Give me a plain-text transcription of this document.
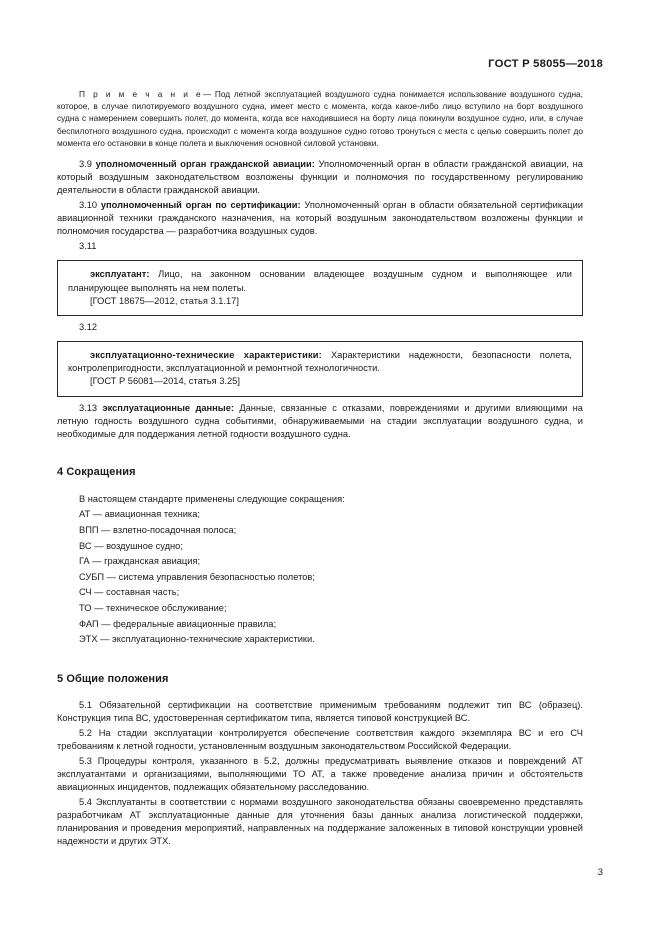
ГОСТ Р 58055—2018

П р и м е ч а н и е— Под летной эксплуатацией воздушного судна понимается использование воздушного судна, которое, в случае пилотируемого воздушного судна, имеет место с момента, когда какое-либо лицо вступило на борт воздушного судна с намерением совершить полет, до момента, когда все находившиеся на борту лица покинули воздушное судно, или, в случае беспилотного воздушного судна, происходит с момента когда воздушное судно готово тронуться с места с целью совершить полет до момента его остановки в конце полета и выключения основной силовой установки.

3.9 уполномоченный орган гражданской авиации: Уполномоченный орган в области гражданской авиации, на который воздушным законодательством возложены функции и полномочия по государственному регулированию деятельности в области гражданской авиации.

3.10 уполномоченный орган по сертификации: Уполномоченный орган в области обязательной сертификации авиационной техники гражданского назначения, на который воздушным законодательством возложены функции и полномочия государства — разработчика воздушных судов.

3.11

эксплуатант: Лицо, на законном основании владеющее воздушным судном и выполняющее или планирующее выполнять на нем полеты.

[ГОСТ 18675—2012, статья 3.1.17]

3.12

эксплуатационно-технические характеристики: Характеристики надежности, безопасности полета, контролепригодности, эксплуатационной и ремонтной технологичности.

[ГОСТ Р 56081—2014, статья 3.25]

3.13 эксплуатационные данные: Данные, связанные с отказами, повреждениями и другими влияющими на летную годность воздушного судна событиями, обнаруживаемыми на стадии эксплуатации воздушного судна, и необходимые для поддержания летной годности воздушного судна.

4 Сокращения

В настоящем стандарте применены следующие сокращения:

АТ — авиационная техника;

ВПП — взлетно-посадочная полоса;

ВС — воздушное судно;

ГА — гражданская авиация;

СУБП — система управления безопасностью полетов;

СЧ — составная часть;

ТО — техническое обслуживание;

ФАП — федеральные авиационные правила;

ЭТХ — эксплуатационно-технические характеристики.

5 Общие положения

5.1 Обязательной сертификации на соответствие применимым требованиям подлежит тип ВС (образец). Конструкция типа ВС, удостоверенная сертификатом типа, является типовой конструкцией ВС.

5.2 На стадии эксплуатации контролируется обеспечение соответствия каждого экземпляра ВС и его СЧ требованиям к летной годности, установленным воздушным законодательством Российской Федерации.

5.3 Процедуры контроля, указанного в 5.2, должны предусматривать выявление отказов и повреждений АТ эксплуатантами и организациями, выполняющими ТО АТ, а также проведение анализа причин и обстоятельств авиационных инцидентов, подлежащих обязательному расследованию.

5.4 Эксплуатанты в соответствии с нормами воздушного законодательства обязаны своевременно представлять разработчикам АТ эксплуатационные данные для уточнения базы данных анализа логистической поддержки, планирования и проведения мероприятий, направленных на поддержание заложенных в типовой конструкции уровней надежности и других ЭТХ.

3
